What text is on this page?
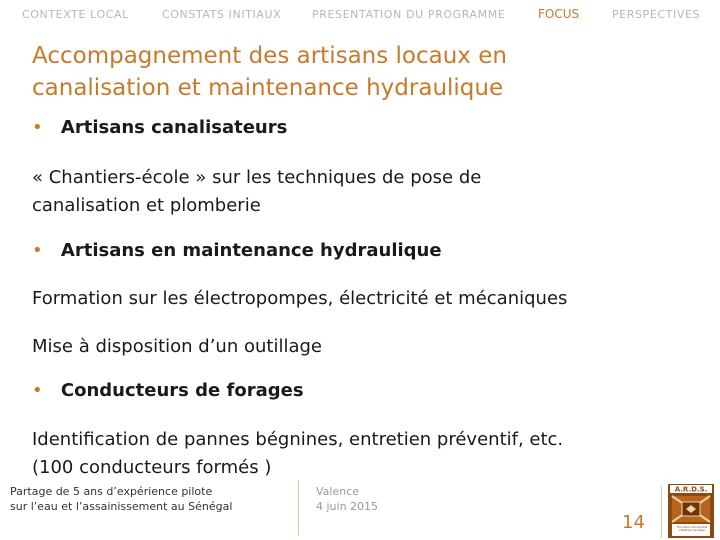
CONTEXTE LOCAL	CONSTATS INITIAUX	PRESENTATION DU PROGRAMME	FOCUS	PERSPECTIVES
Accompagnement des artisans locaux en
canalisation et maintenance hydraulique
• Artisans canalisateurs

« Chantiers-école » sur les techniques de pose de
canalisation et plomberie

• Artisans en maintenance hydraulique

Formation sur les électropompes, électricité et mécaniques

Mise à disposition d’un outillage

• Conducteurs de forages

Identification de pannes bégnines, entretien préventif, etc.
(100 conducteurs formés )

Partage de 5 ans d’expérience pilote
sur l’eau et l’assainissement au Sénégal
Valence
4 juin 2015
14
A.R.D.S.
Fondation Ensemble Initiative Sénégal
